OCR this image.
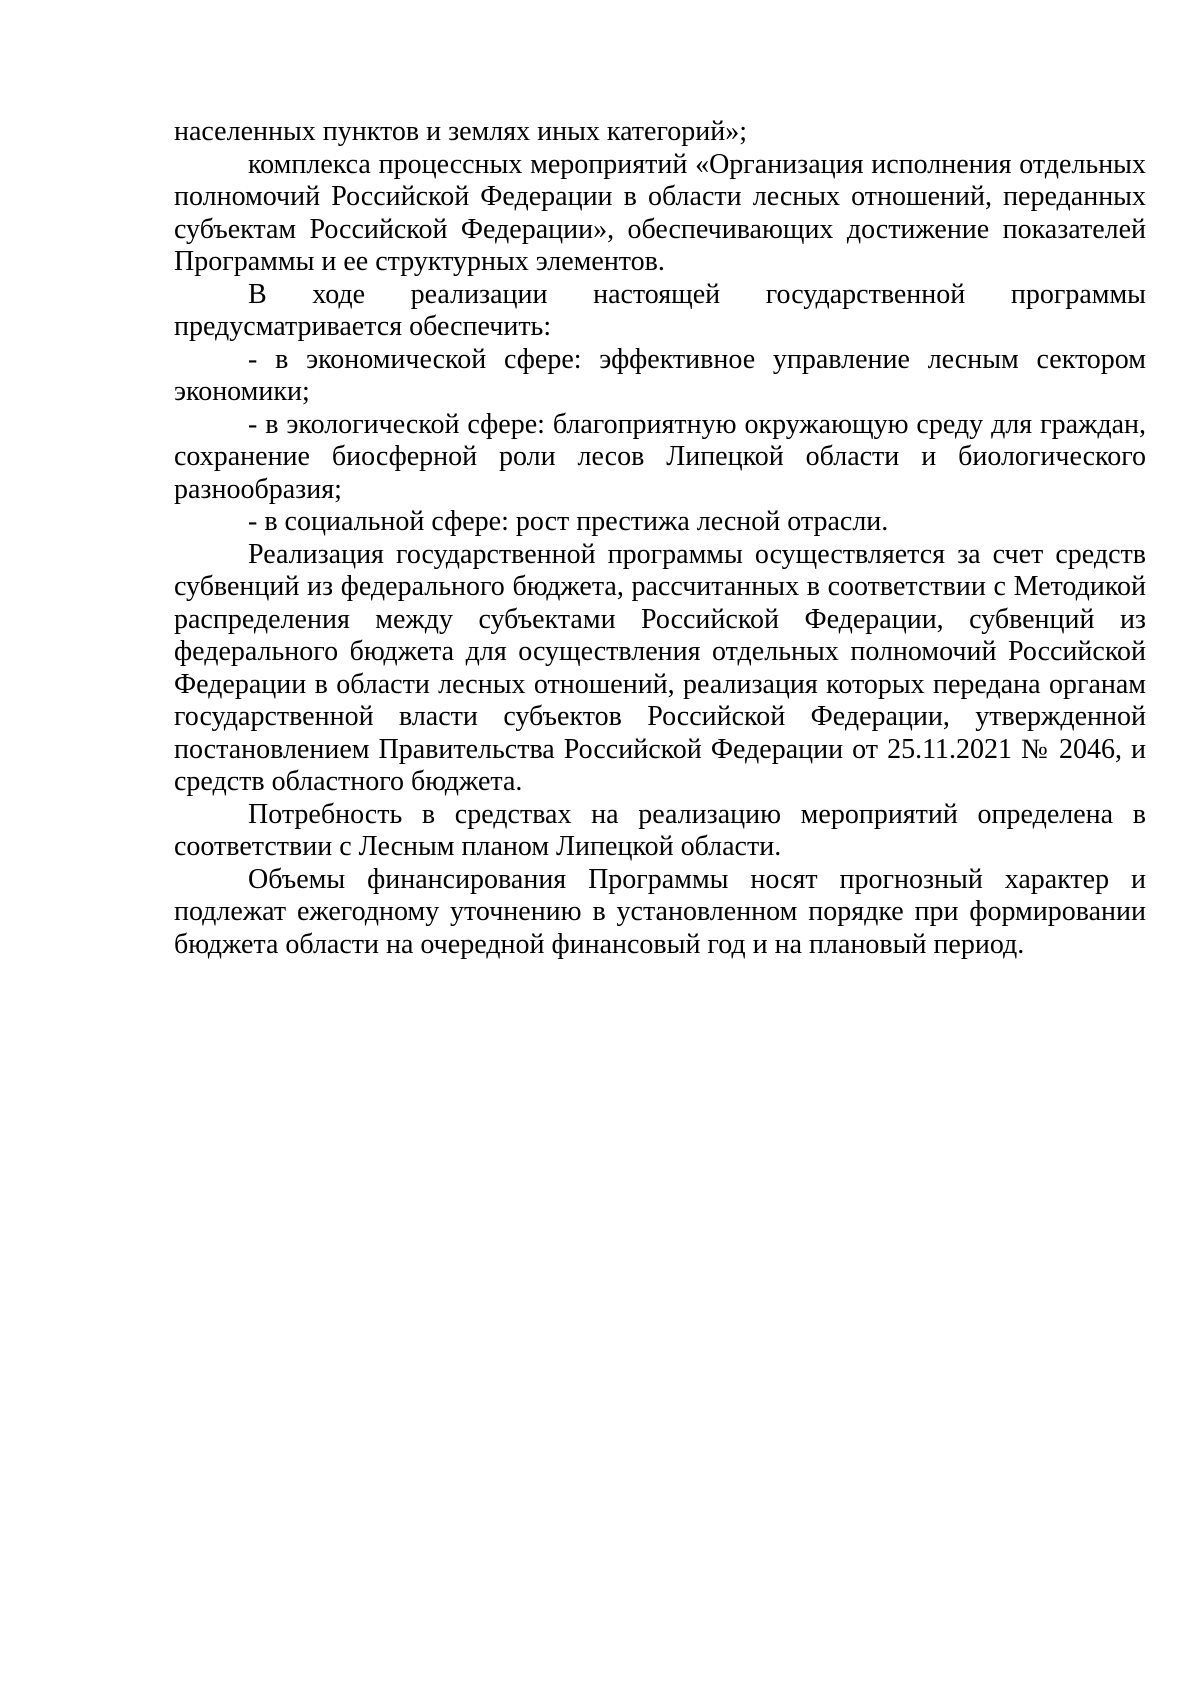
населенных пунктов и землях иных категорий»;

комплекса процессных мероприятий «Организация исполнения отдельных полномочий Российской Федерации в области лесных отношений, переданных субъектам Российской Федерации», обеспечивающих достижение показателей Программы и ее структурных элементов.

В ходе реализации настоящей государственной программы предусматривается обеспечить:

- в экономической сфере: эффективное управление лесным сектором экономики;

- в экологической сфере: благоприятную окружающую среду для граждан, сохранение биосферной роли лесов Липецкой области и биологического разнообразия;

- в социальной сфере: рост престижа лесной отрасли.

Реализация государственной программы осуществляется за счет средств субвенций из федерального бюджета, рассчитанных в соответствии с Методикой распределения между субъектами Российской Федерации, субвенций из федерального бюджета для осуществления отдельных полномочий Российской Федерации в области лесных отношений, реализация которых передана органам государственной власти субъектов Российской Федерации, утвержденной постановлением Правительства Российской Федерации от 25.11.2021 № 2046, и средств областного бюджета.

Потребность в средствах на реализацию мероприятий определена в соответствии с Лесным планом Липецкой области.

Объемы финансирования Программы носят прогнозный характер и подлежат ежегодному уточнению в установленном порядке при формировании бюджета области на очередной финансовый год и на плановый период.
